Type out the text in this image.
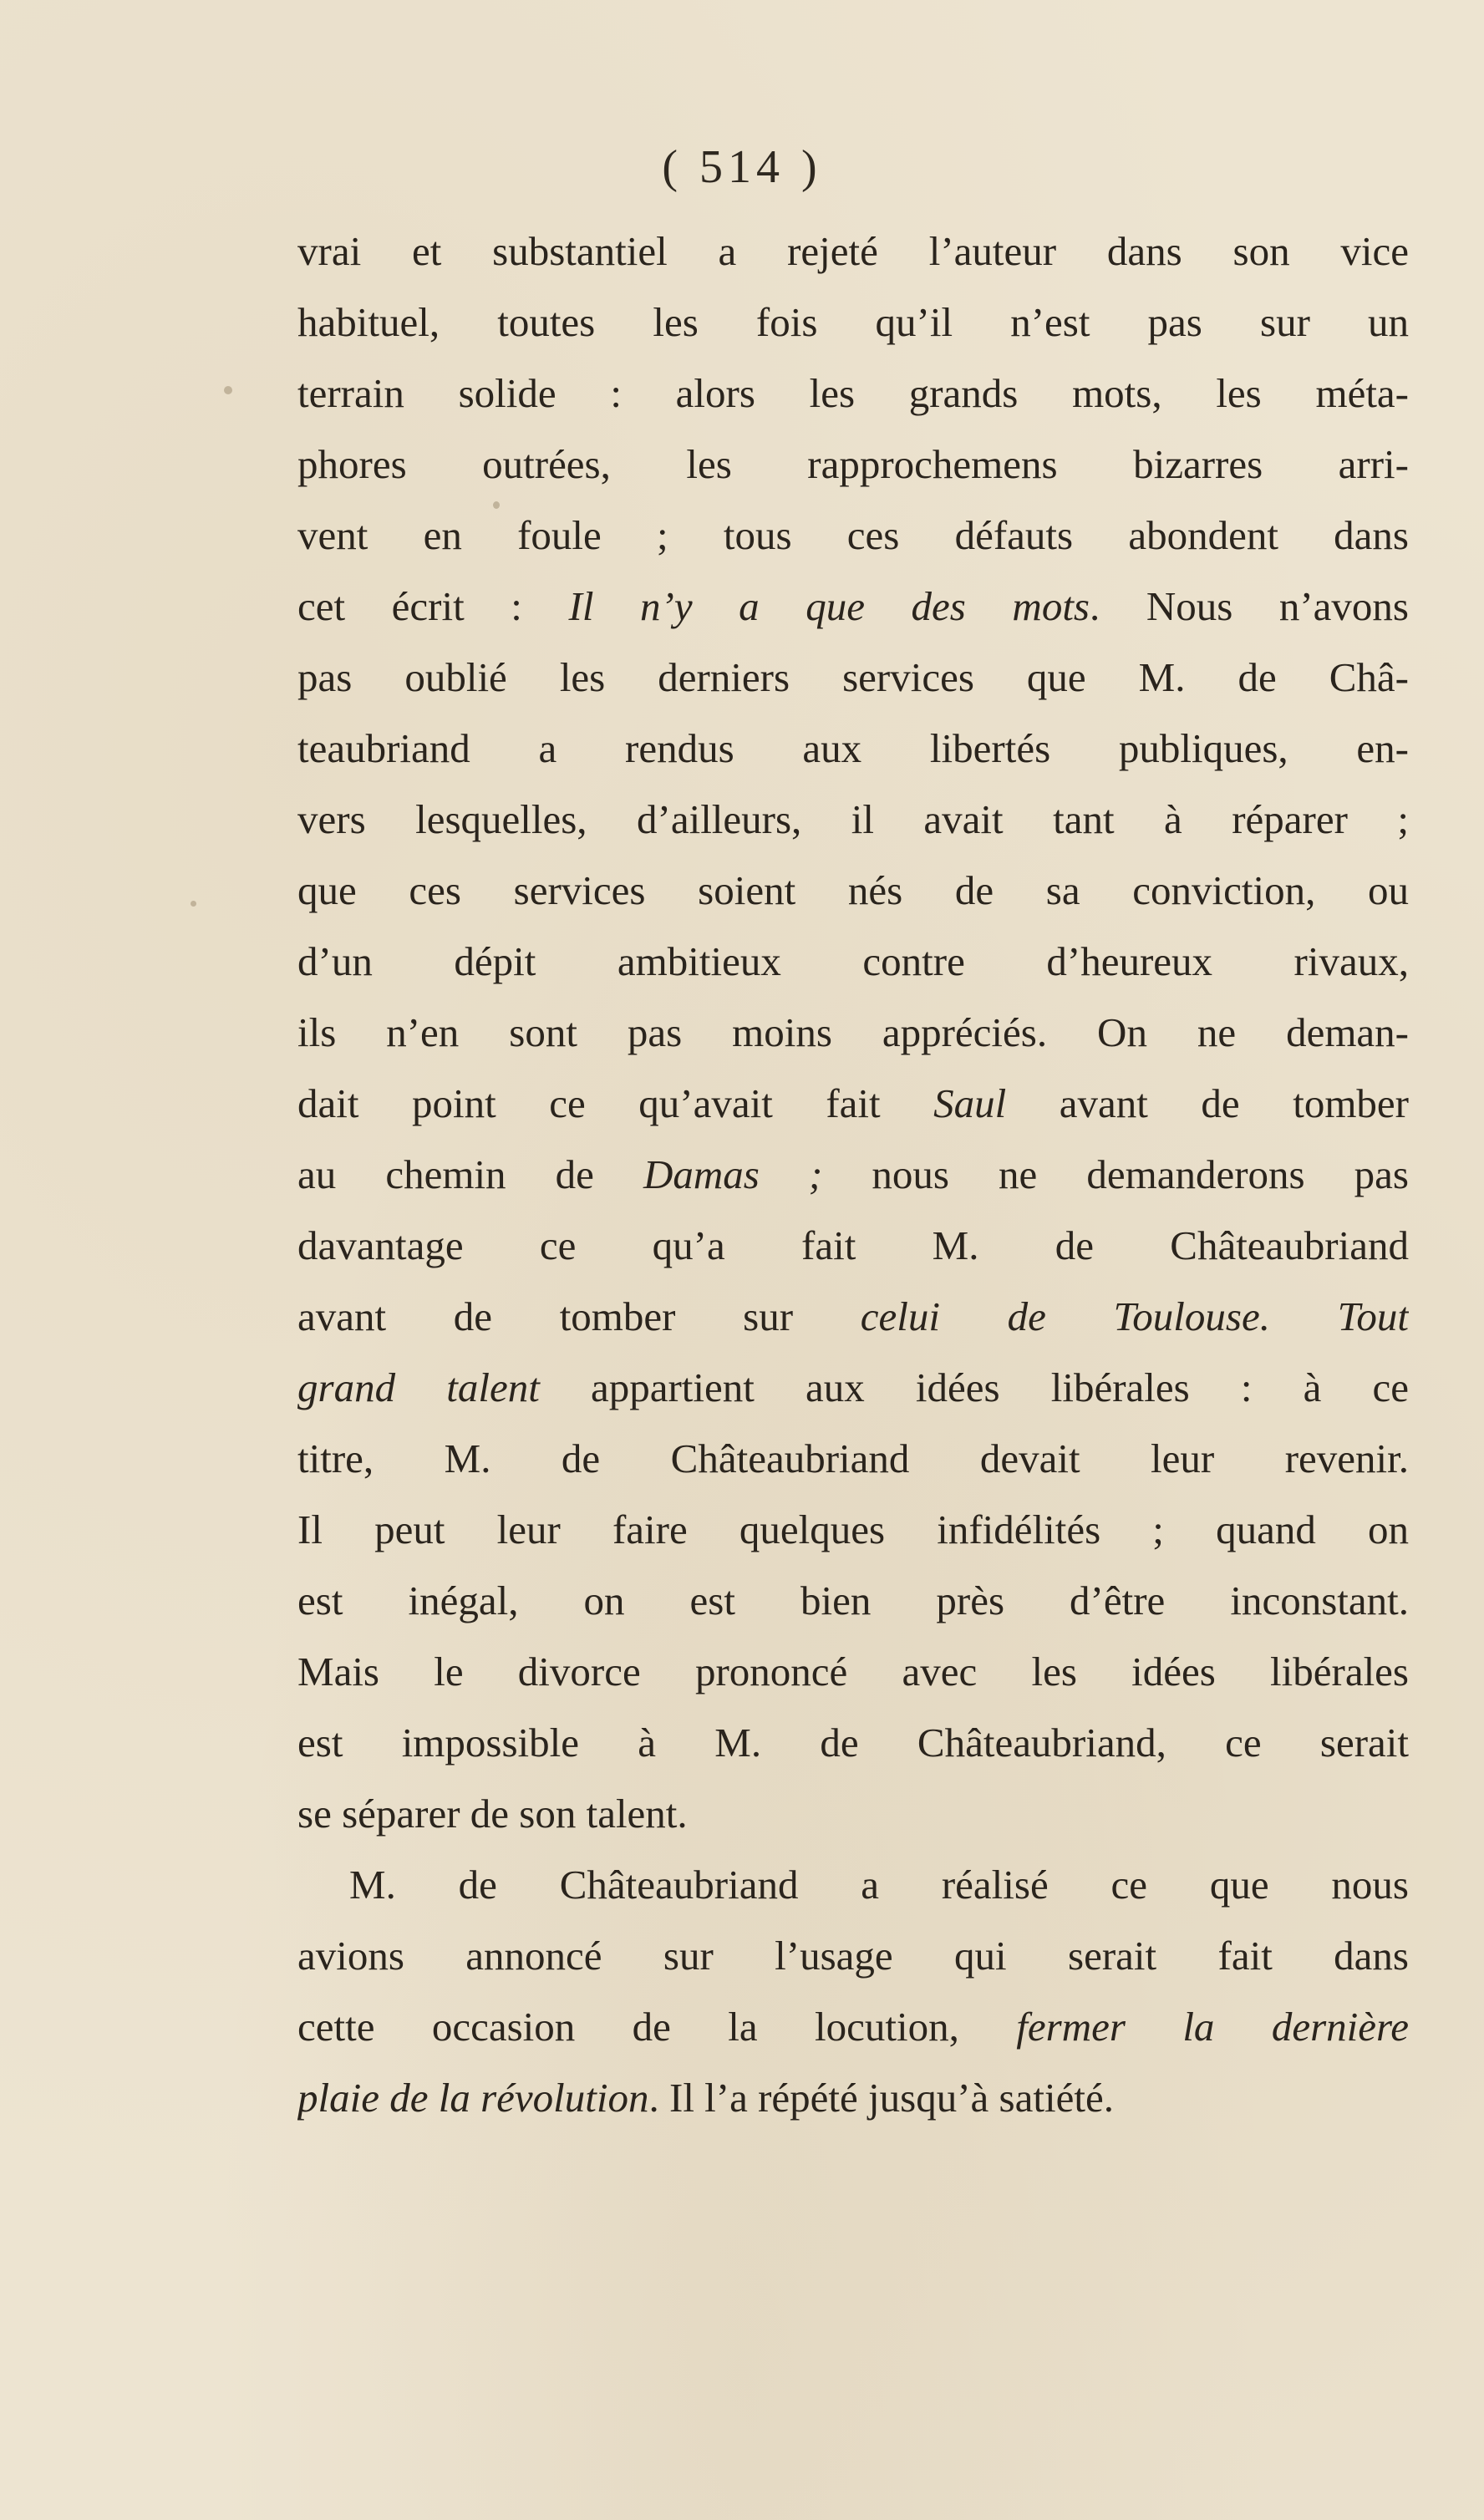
( 514 )
vrai et substantiel a rejeté l’auteur dans son vice
habituel, toutes les fois qu’il n’est pas sur un
terrain solide : alors les grands mots, les méta-
phores outrées, les rapprochemens bizarres arri-
vent en foule ; tous ces défauts abondent dans
cet écrit : Il n’y a que des mots. Nous n’avons
pas oublié les derniers services que M. de Châ-
teaubriand a rendus aux libertés publiques, en-
vers lesquelles, d’ailleurs, il avait tant à réparer ;
que ces services soient nés de sa conviction, ou
d’un dépit ambitieux contre d’heureux rivaux,
ils n’en sont pas moins appréciés. On ne deman-
dait point ce qu’avait fait Saul avant de tomber
au chemin de Damas ; nous ne demanderons pas
davantage ce qu’a fait M. de Châteaubriand
avant de tomber sur celui de Toulouse. Tout
grand talent appartient aux idées libérales : à ce
titre, M. de Châteaubriand devait leur revenir.
Il peut leur faire quelques infidélités ; quand on
est inégal, on est bien près d’être inconstant.
Mais le divorce prononcé avec les idées libérales
est impossible à M. de Châteaubriand, ce serait
se séparer de son talent.
M. de Châteaubriand a réalisé ce que nous
avions annoncé sur l’usage qui serait fait dans
cette occasion de la locution, fermer la dernière
plaie de la révolution. Il l’a répété jusqu’à satiété.
